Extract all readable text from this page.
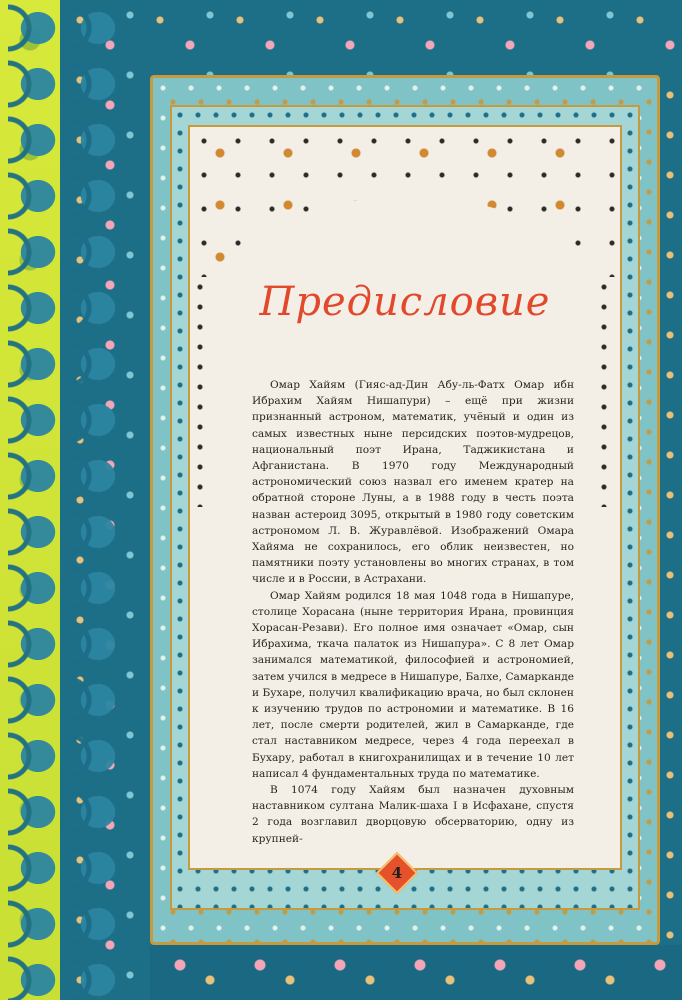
Предисловие

Омар Хайям (Гияс-ад-Дин Абу-ль-Фатх Омар ибн Ибрахим Хайям Нишапури) – ещё при жизни признанный астроном, математик, учёный и один из самых известных ныне персидских поэтов-мудрецов, национальный поэт Ирана, Таджикистана и Афганистана. В 1970 году Международный астрономический союз назвал его именем кратер на обратной стороне Луны, а в 1988 году в честь поэта назван астероид 3095, открытый в 1980 году советским астрономом Л. В. Журавлёвой. Изображений Омара Хайяма не сохранилось, его облик неизвестен, но памятники поэту установлены во многих странах, в том числе и в России, в Астрахани.

Омар Хайям родился 18 мая 1048 года в Нишапуре, столице Хорасана (ныне территория Ирана, провинция Хорасан-Резави). Его полное имя означает «Омар, сын Ибрахима, ткача палаток из Нишапура». С 8 лет Омар занимался математикой, философией и астрономией, затем учился в медресе в Нишапуре, Балхе, Самарканде и Бухаре, получил квалификацию врача, но был склонен к изучению трудов по астрономии и математике. В 16 лет, после смерти родителей, жил в Самарканде, где стал наставником медресе, через 4 года переехал в Бухару, работал в книгохранилищах и в течение 10 лет написал 4 фундаментальных труда по математике.

В 1074 году Хайям был назначен духовным наставником султана Малик-шаха I в Исфахане, спустя 2 года возглавил дворцовую обсерваторию, одну из крупней-

4
